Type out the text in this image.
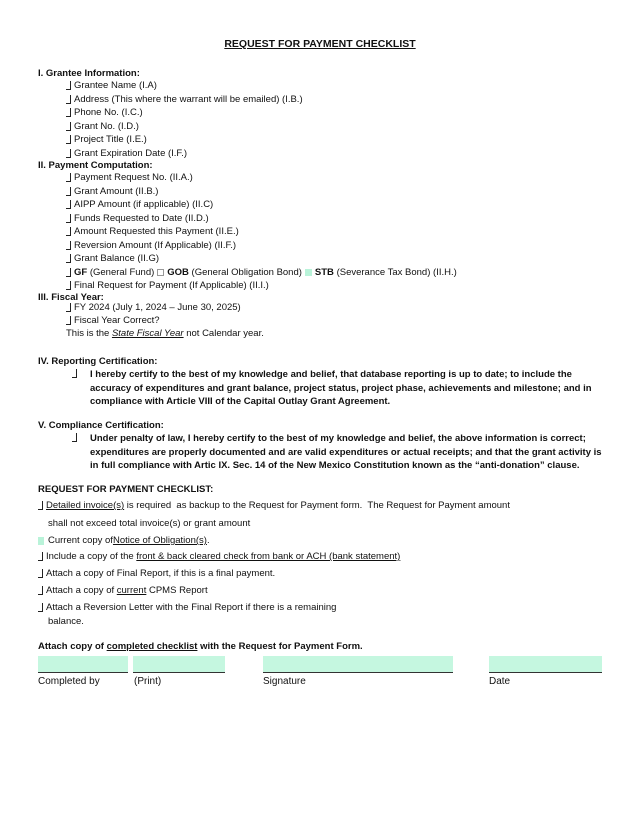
REQUEST FOR PAYMENT CHECKLIST
I. Grantee Information:
Grantee Name (I.A)
Address (This where the warrant will be emailed) (I.B.)
Phone No. (I.C.)
Grant No. (I.D.)
Project Title (I.E.)
Grant Expiration Date (I.F.)
II. Payment Computation:
Payment Request No. (II.A.)
Grant Amount (II.B.)
AIPP Amount (if applicable) (II.C)
Funds Requested to Date (II.D.)
Amount Requested this Payment (II.E.)
Reversion Amount (If Applicable) (II.F.)
Grant Balance (II.G)
GF
(General Fund) GOB
(General Obligation Bond) STB
(Severance Tax Bond) (II.H.)
Final Request for Payment (If Applicable) (II.I.)
III. Fiscal Year:
FY 2024 (July 1, 2024 – June 30, 2025)
Fiscal Year Correct?
This is the State Fiscal Year not Calendar year.
IV. Reporting Certification:
I hereby certify to the best of my knowledge and belief, that database reporting is up to date; to include the accuracy of expenditures and grant balance, project status, project phase, achievements and milestone; and in compliance with Article VIII of the Capital Outlay Grant Agreement.
V. Compliance Certification:
Under penalty of law, I hereby certify to the best of my knowledge and belief, the above information is correct; expenditures are properly documented and are valid expenditures or actual receipts; and that the grant activity is in full compliance with Artic IX. Sec. 14 of the New Mexico Constitution known as the “anti-donation” clause.
REQUEST FOR PAYMENT CHECKLIST:
Detailed invoice(s) is required  as backup to the Request for Payment form.  The Request for Payment amount
shall not exceed total invoice(s) or grant amount
Current copy of Notice of Obligation(s) .
Include a copy of the front & back cleared check from bank or ACH (bank statement)
Attach a copy of Final Report, if this is a final payment.
Attach a copy of current CPMS Report
Attach a Reversion Letter with the Final Report if there is a remaining
balance.
Attach copy of completed checklist with the Request for Payment Form.
Completed by	(Print)	Signature	Date
